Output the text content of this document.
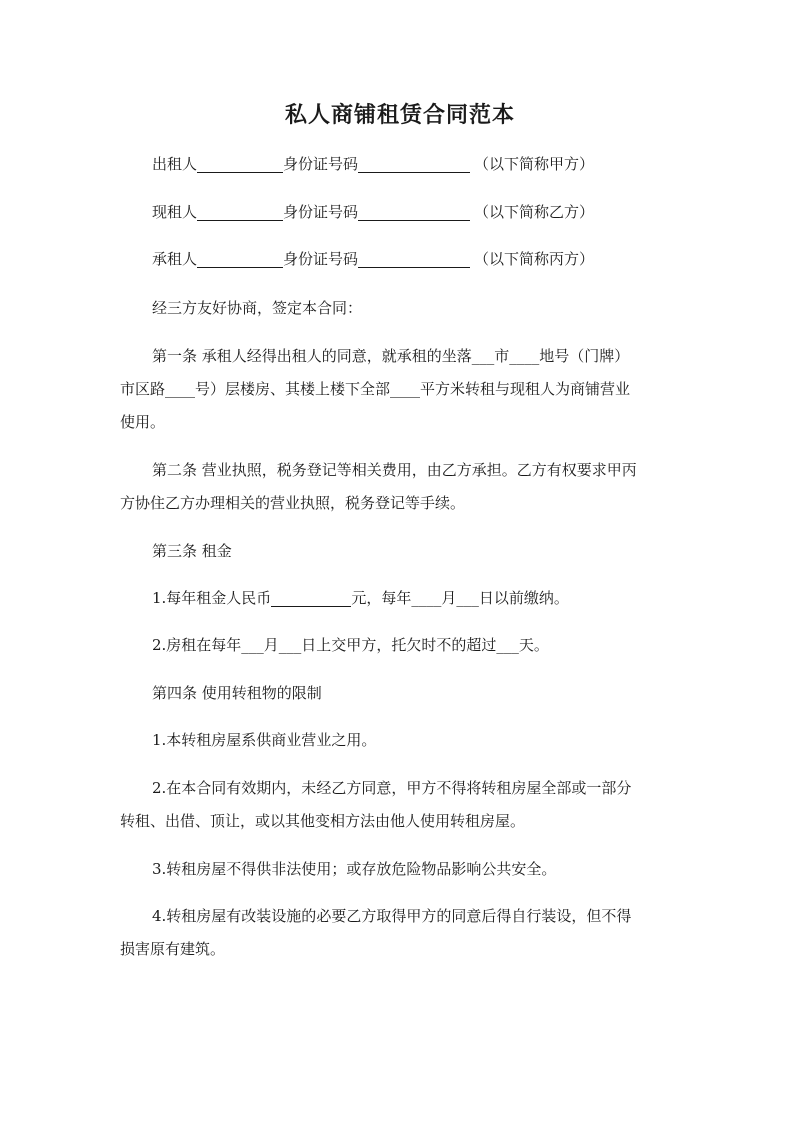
私人商铺租赁合同范本
出租人	身份证号码	（以下简称甲方）
现租人	身份证号码	（以下简称乙方）
承租人	身份证号码	（以下简称丙方）
经三方友好协商，签定本合同：
第一条 承租人经得出租人的同意，就承租的坐落___市____地号（门牌）
市区路____号）层楼房、其楼上楼下全部____平方米转租与现租人为商铺营业
使用。
第二条 营业执照，税务登记等相关费用，由乙方承担。乙方有权要求甲丙
方协住乙方办理相关的营业执照，税务登记等手续。
第三条 租金
1.每年租金人民币	元，每年____月___日以前缴纳。
2.房租在每年___月___日上交甲方，托欠时不的超过___天。
第四条 使用转租物的限制
1.本转租房屋系供商业营业之用。
2.在本合同有效期内，未经乙方同意，甲方不得将转租房屋全部或一部分
转租、出借、顶让，或以其他变相方法由他人使用转租房屋。
3.转租房屋不得供非法使用；或存放危险物品影响公共安全。
4.转租房屋有改装设施的必要乙方取得甲方的同意后得自行装设，但不得
损害原有建筑。
